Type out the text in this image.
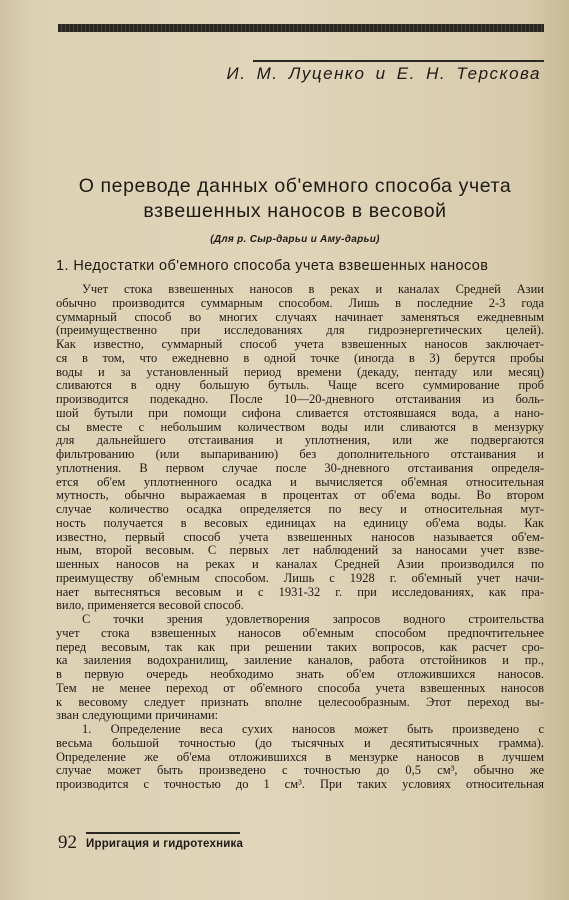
И. М. Луценко и Е. Н. Терскова
О переводе данных об'емного способа учета
взвешенных наносов в весовой
(Для р. Сыр-дарьи и Аму-дарьи)
1. Недостатки об'емного способа учета взвешенных наносов
Учет стока взвешенных наносов в реках и каналах Средней Азии
обычно производится суммарным способом. Лишь в последние 2-3 года
суммарный способ во многих случаях начинает заменяться ежедневным
(преимущественно при исследованиях для гидроэнергетических целей).
Как известно, суммарный способ учета взвешенных наносов заключает-
ся в том, что ежедневно в одной точке (иногда в 3) берутся пробы
воды и за установленный период времени (декаду, пентаду или месяц)
сливаются в одну большую бутыль. Чаще всего суммирование проб
производится подекадно. После 10—20-дневного отстаивания из боль-
шой бутыли при помощи сифона сливается отстоявшаяся вода, а нано-
сы вместе с небольшим количеством воды или сливаются в мензурку
для дальнейшего отстаивания и уплотнения, или же подвергаются
фильтрованию (или выпариванию) без дополнительного отстаивания и
уплотнения. В первом случае после 30-дневного отстаивания определя-
ется об'ем уплотненного осадка и вычисляется об'емная относительная
мутность, обычно выражаемая в процентах от об'ема воды. Во втором
случае количество осадка определяется по весу и относительная мут-
ность получается в весовых единицах на единицу об'ема воды. Как
известно, первый способ учета взвешенных наносов называется об'ем-
ным, второй весовым. С первых лет наблюдений за наносами учет взве-
шенных наносов на реках и каналах Средней Азии производился по
преимуществу об'емным способом. Лишь с 1928 г. об'емный учет начи-
нает вытесняться весовым и с 1931-32 г. при исследованиях, как пра-
вило, применяется весовой способ.
С точки зрения удовлетворения запросов водного строительства
учет стока взвешенных наносов об'емным способом предпочтительнее
перед весовым, так как при решении таких вопросов, как расчет сро-
ка заиления водохранилищ, заиление каналов, работа отстойников и пр.,
в первую очередь необходимо знать об'ем отложившихся наносов.
Тем не менее переход от об'емного способа учета взвешенных наносов
к весовому следует признать вполне целесообразным. Этот переход вы-
зван следующими причинами:
1. Определение веса сухих наносов может быть произведено с
весьма большой точностью (до тысячных и десятитысячных грамма).
Определение же об'ема отложившихся в мензурке наносов в лучшем
случае может быть произведено с точностью до 0,5 см³, обычно же
производится с точностью до 1 см³. При таких условиях относительная
92 Ирригация и гидротехника
